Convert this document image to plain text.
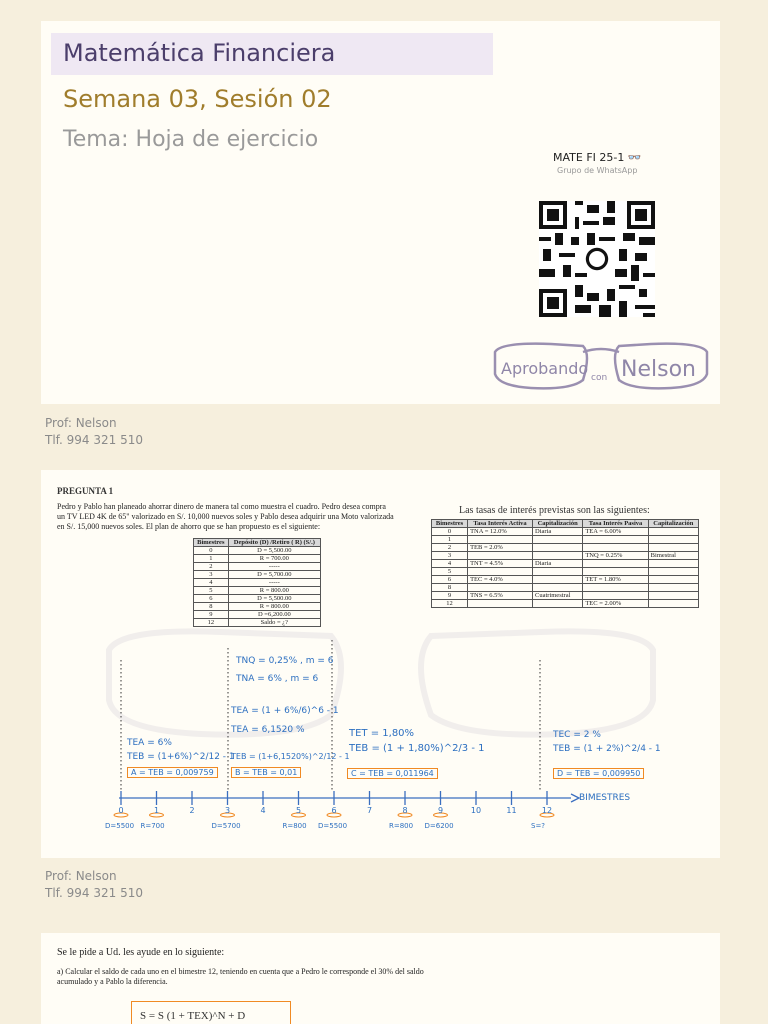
Matemática Financiera
Semana 03, Sesión 02
Tema: Hoja de ejercicio
MATE FI 25-1 👓
Grupo de WhatsApp
Aprobando con Nelson
Prof: Nelson
Tlf. 994 321 510
PREGUNTA 1
Pedro y Pablo han planeado ahorrar dinero de manera tal como muestra el cuadro. Pedro desea compra un TV LED 4K de 65" valorizado en S/. 10,000 nuevos soles y Pablo desea adquirir una Moto valorizada en S/. 15,000 nuevos soles. El plan de ahorro que se han propuesto es el siguiente:
Bimestres	Depósito (D) /Retiro ( R) (S/.)
0	D = 5,500.00
1	R = 700.00
2	-----
3	D = 5,700.00
4	-----
5	R = 800.00
6	D = 5,500.00
8	R = 800.00
9	D =6,200.00
12	Saldo = ¿?
Las tasas de interés previstas son las siguientes:
Bimestres	Tasa Interés Activa	Capitalización	Tasa Interés Pasiva	Capitalización
0	TNA = 12.0%	Diaria	TEA = 6.00%	
1				
2	TEB = 2.0%			
3			TNQ = 0.25%	Bimestral
4	TNT = 4.5%	Diaria		
5				
6	TEC = 4.0%		TET = 1.80%	
8				
9	TNS = 6.5%	Cuatrimestral		
12			TEC = 2.00%	
0	1	2	3	4	5	6	7	8	9	10	11	12
D=5500 R=700	D=5700	R=800 D=5500	R=800 D=6200	S=?
BIMESTRES
TEA = 6%
TEB = (1+6%)^2/12 - 1
A = TEB = 0,009759
TNQ = 0,25% , m = 6
TNA = 6% , m = 6
TEA = (1 + 6%/6)^6 - 1
TEA = 6,1520 %
TEB = (1+6,1520%)^2/12 - 1
B = TEB = 0,01
TET = 1,80%
TEB = (1 + 1,80%)^2/3 - 1
C = TEB = 0,011964
TEC = 2 %
TEB = (1 + 2%)^2/4 - 1
D = TEB = 0,009950
Prof: Nelson
Tlf. 994 321 510
Se le pide a Ud. les ayude en lo siguiente:
a) Calcular el saldo de cada uno en el bimestre 12, teniendo en cuenta que a Pedro le corresponde el 30% del saldo acumulado y a Pablo la diferencia.
S = S (1 + TEX)^N + D
